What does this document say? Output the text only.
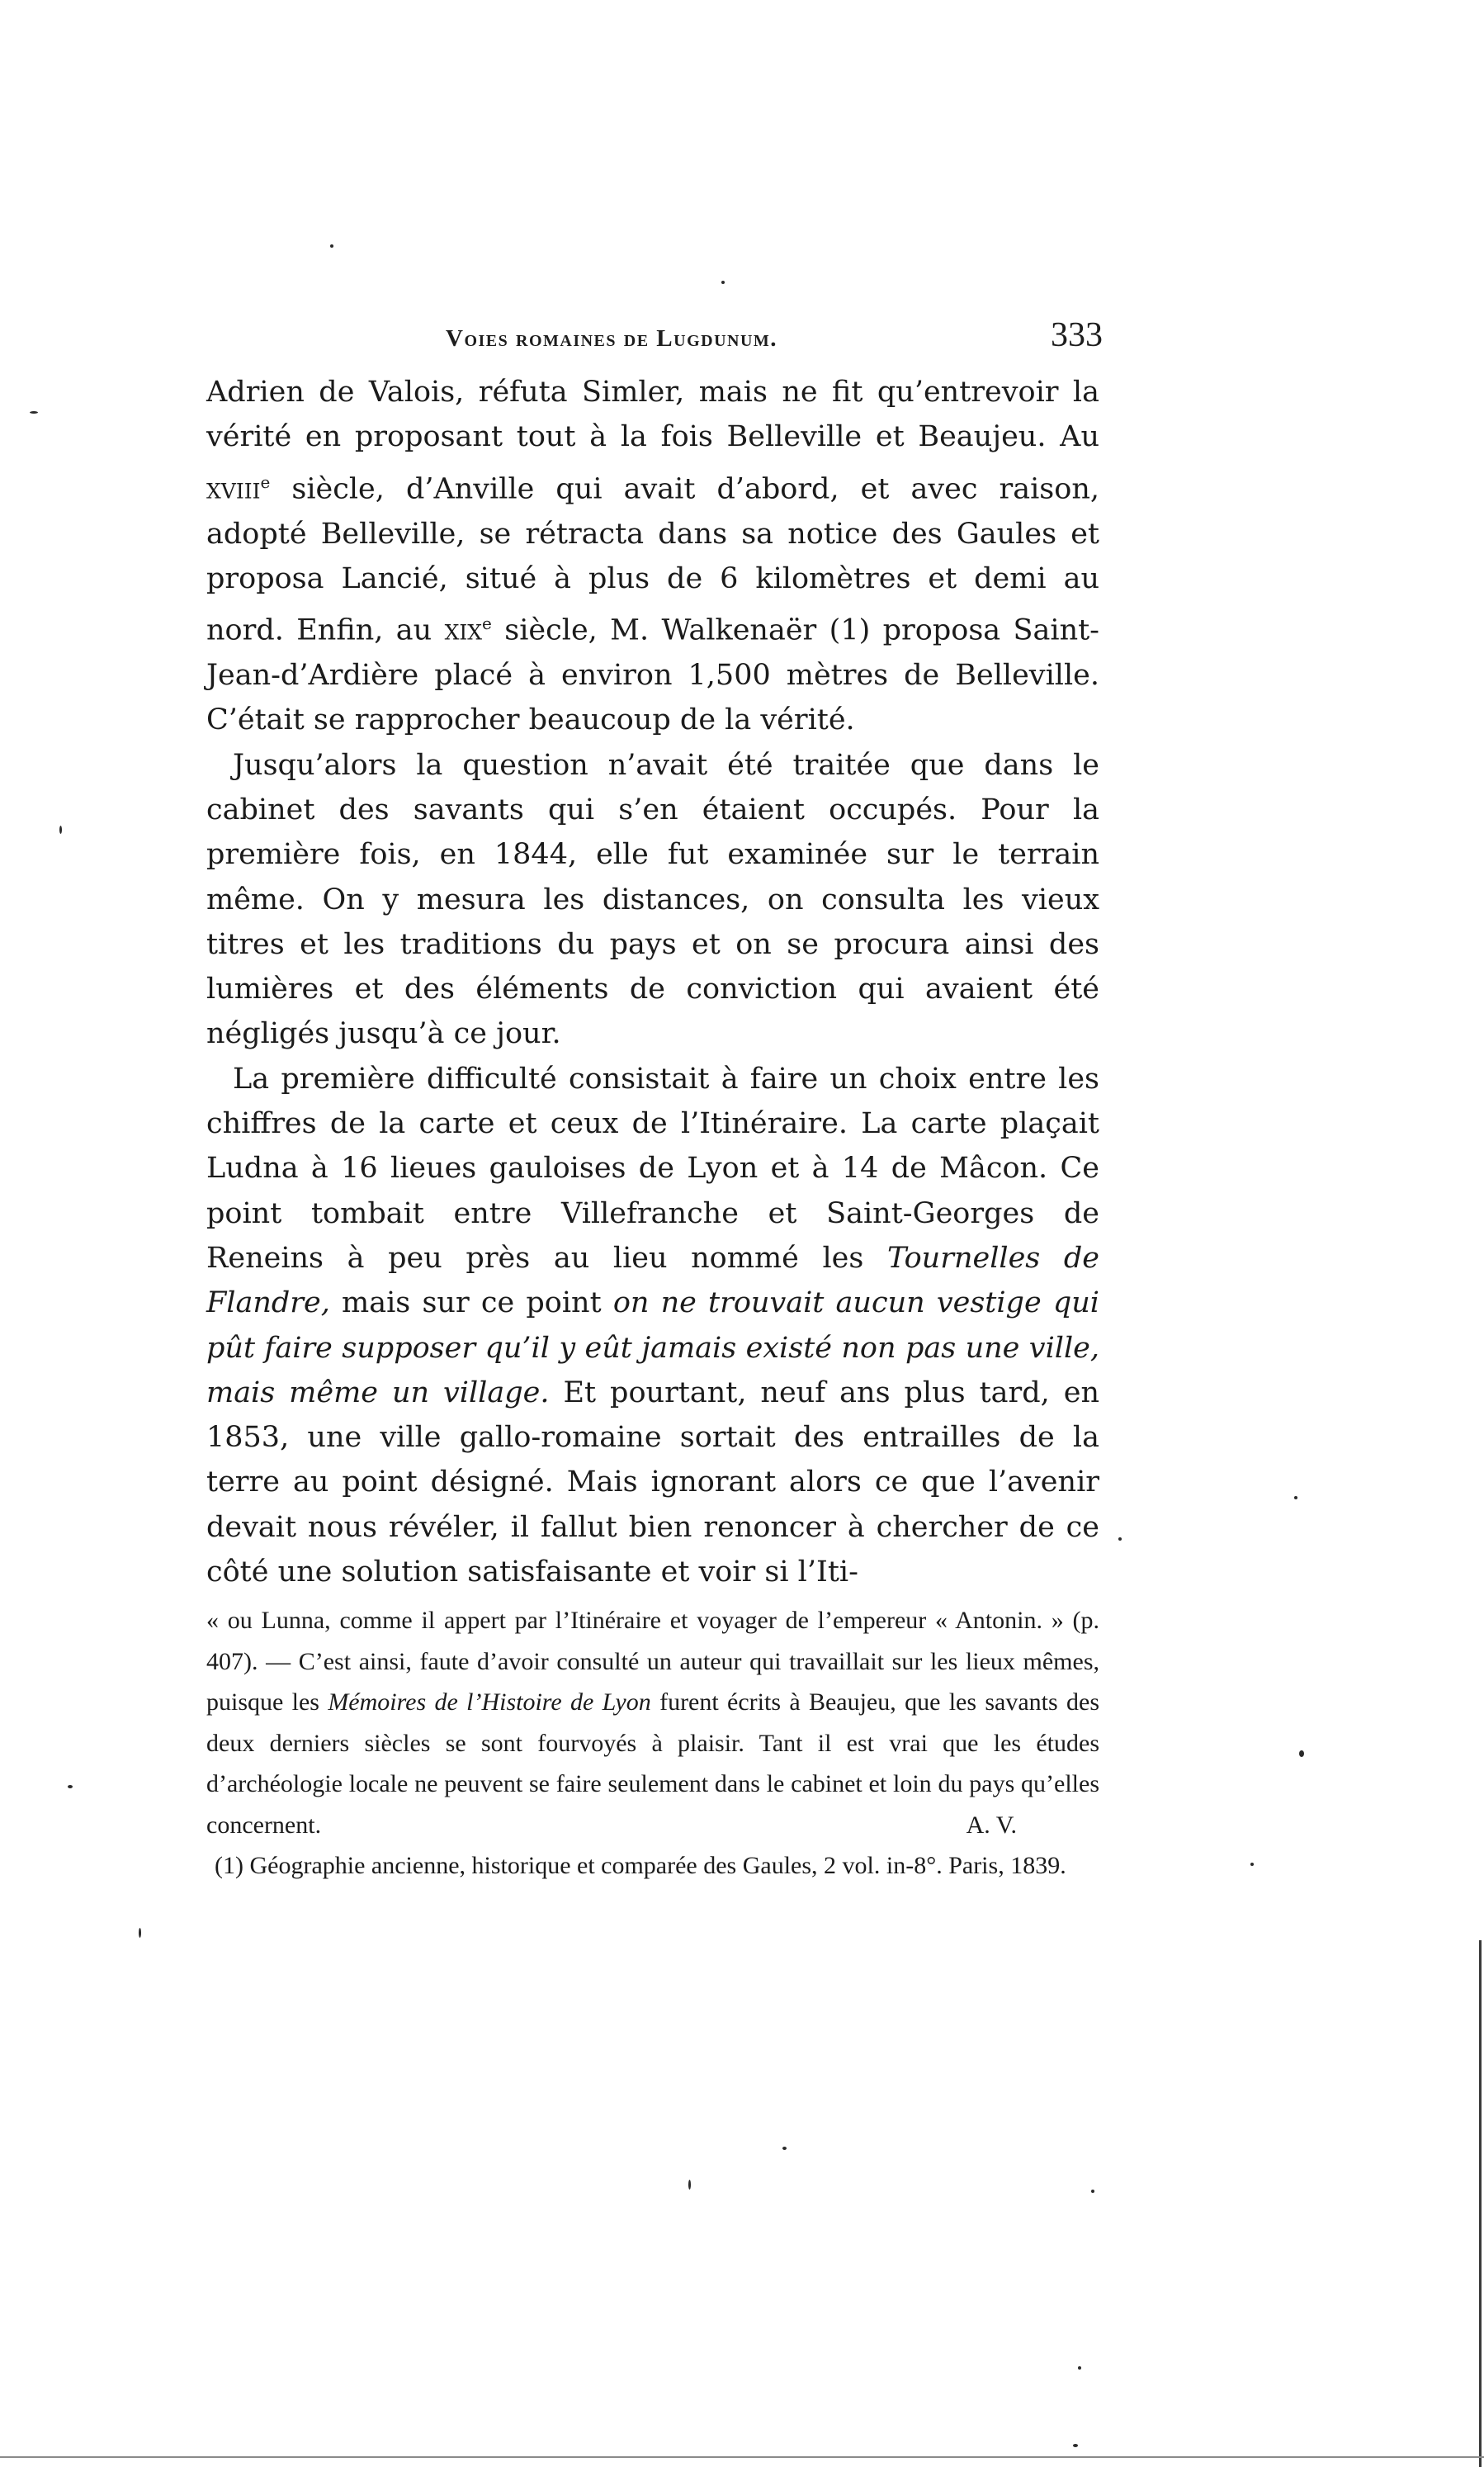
Voies romaines de Lugdunum.	333

Adrien de Valois, réfuta Simler, mais ne fit qu’entrevoir la vérité en proposant tout à la fois Belleville et Beaujeu. Au xviii$^e$ siècle, d’Anville qui avait d’abord, et avec raison, adopté Belleville, se rétracta dans sa notice des Gaules et proposa Lancié, situé à plus de 6 kilomètres et demi au nord. Enfin, au xix$^e$ siècle, M. Walkenaër (1) proposa Saint-Jean-d’Ardière placé à environ 1,500 mètres de Belleville. C’était se rapprocher beaucoup de la vérité.

Jusqu’alors la question n’avait été traitée que dans le cabinet des savants qui s’en étaient occupés. Pour la première fois, en 1844, elle fut examinée sur le terrain même. On y mesura les distances, on consulta les vieux titres et les traditions du pays et on se procura ainsi des lumières et des éléments de conviction qui avaient été négligés jusqu’à ce jour.

La première difficulté consistait à faire un choix entre les chiffres de la carte et ceux de l’Itinéraire. La carte plaçait Ludna à 16 lieues gauloises de Lyon et à 14 de Mâcon. Ce point tombait entre Villefranche et Saint-Georges de Reneins à peu près au lieu nommé les Tournelles de Flandre, mais sur ce point on ne trouvait aucun vestige qui pût faire supposer qu’il y eût jamais existé non pas une ville, mais même un village. Et pourtant, neuf ans plus tard, en 1853, une ville gallo-romaine sortait des entrailles de la terre au point désigné. Mais ignorant alors ce que l’avenir devait nous révéler, il fallut bien renoncer à chercher de ce côté une solution satisfaisante et voir si l’Iti-

« ou Lunna, comme il appert par l’Itinéraire et voyager de l’empereur « Antonin. » (p. 407). — C’est ainsi, faute d’avoir consulté un auteur qui travaillait sur les lieux mêmes, puisque les Mémoires de l’Histoire de Lyon furent écrits à Beaujeu, que les savants des deux derniers siècles se sont fourvoyés à plaisir. Tant il est vrai que les études d’archéologie locale ne peuvent se faire seulement dans le cabinet et loin du pays qu’elles concernent.	A. V.

(1) Géographie ancienne, historique et comparée des Gaules, 2 vol. in-8°. Paris, 1839.
